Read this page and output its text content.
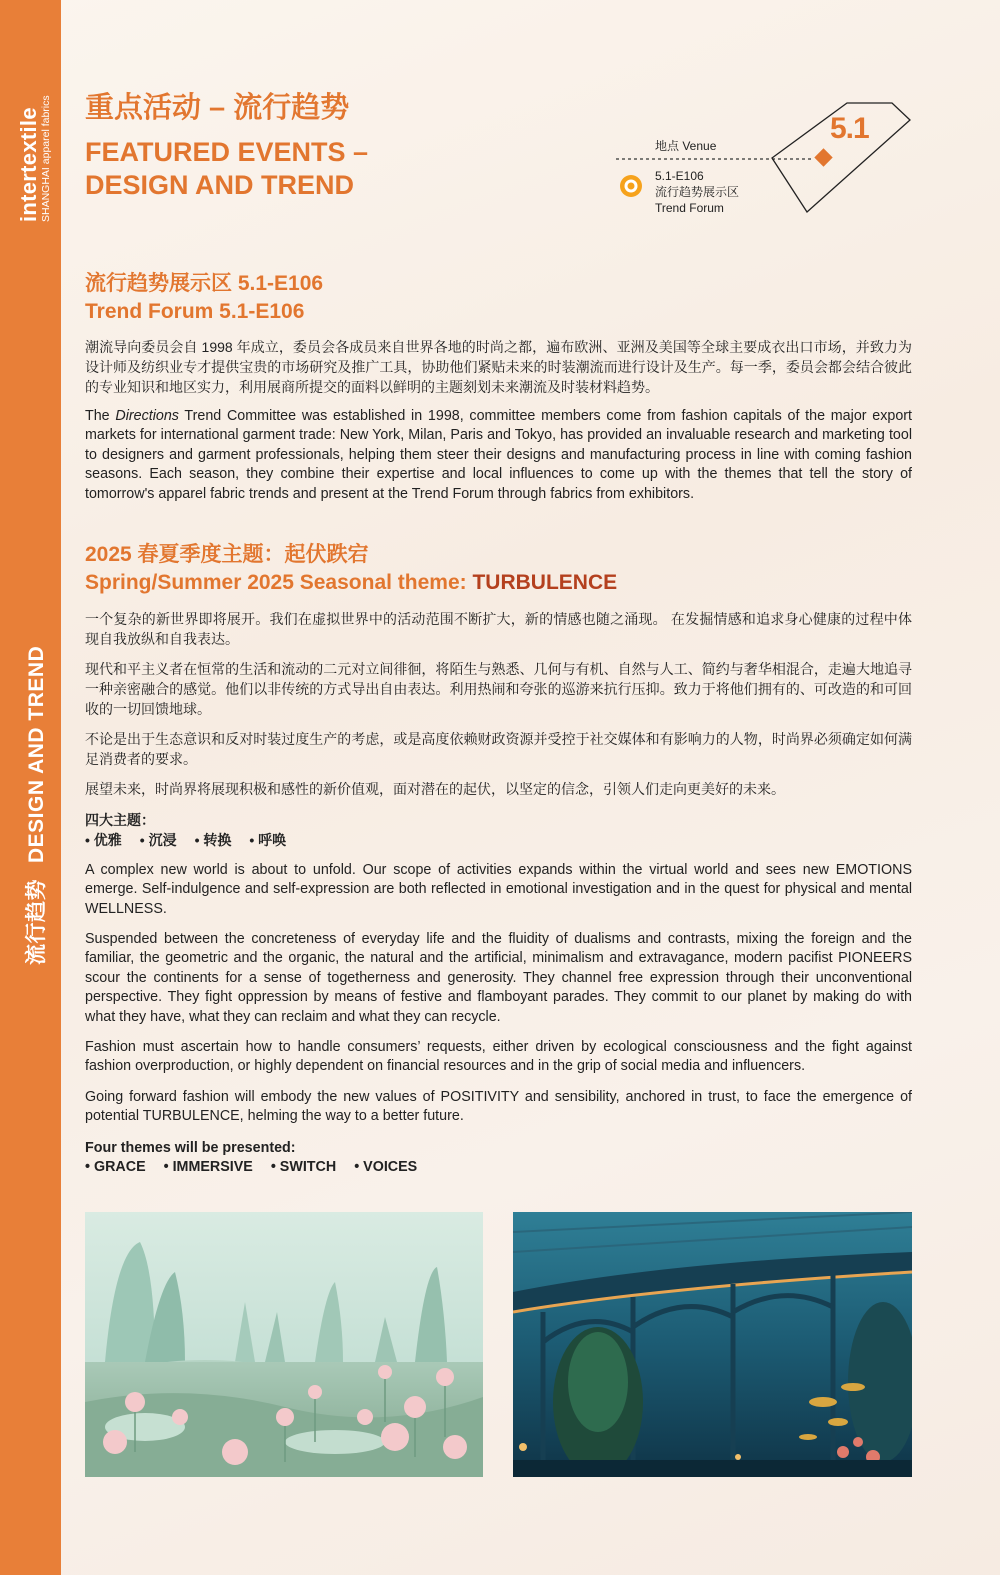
intertextile SHANGHAI apparel fabrics
流行趋势DESIGN AND TREND
重点活动 – 流行趋势
FEATURED EVENTS –
DESIGN AND TREND
地点 Venue
5.1-E106
流行趋势展示区
Trend Forum
5.1
流行趋势展示区 5.1-E106
Trend Forum 5.1-E106

潮流导向委员会自 1998 年成立，委员会各成员来自世界各地的时尚之都，遍布欧洲、亚洲及美国等全球主要成衣出口市场，并致力为设计师及纺织业专才提供宝贵的市场研究及推广工具，协助他们紧贴未来的时装潮流而进行设计及生产。每一季，委员会都会结合彼此的专业知识和地区实力，利用展商所提交的面料以鲜明的主题刻划未来潮流及时装材料趋势。

The Directions Trend Committee was established in 1998, committee members come from fashion capitals of the major export markets for international garment trade: New York, Milan, Paris and Tokyo, has provided an invaluable research and marketing tool to designers and garment professionals, helping them steer their designs and manufacturing process in line with coming fashion seasons. Each season, they combine their expertise and local influences to come up with the themes that tell the story of tomorrow's apparel fabric trends and present at the Trend Forum through fabrics from exhibitors.

2025 春夏季度主题：起伏跌宕
Spring/Summer 2025 Seasonal theme: TURBULENCE

一个复杂的新世界即将展开。我们在虚拟世界中的活动范围不断扩大，新的情感也随之涌现。 在发掘情感和追求身心健康的过程中体现自我放纵和自我表达。

现代和平主义者在恒常的生活和流动的二元对立间徘徊，将陌生与熟悉、几何与有机、自然与人工、简约与奢华相混合，走遍大地追寻一种亲密融合的感觉。他们以非传统的方式导出自由表达。利用热闹和夸张的巡游来抗行压抑。致力于将他们拥有的、可改造的和可回收的一切回馈地球。

不论是出于生态意识和反对时装过度生产的考虑，或是高度依赖财政资源并受控于社交媒体和有影响力的人物，时尚界必须确定如何满足消费者的要求。

展望未来，时尚界将展现积极和感性的新价值观，面对潜在的起伏，以坚定的信念，引领人们走向更美好的未来。

四大主题：
• 优雅 • 沉浸 • 转换 • 呼唤

A complex new world is about to unfold. Our scope of activities expands within the virtual world and sees new EMOTIONS emerge. Self-indulgence and self-expression are both reflected in emotional investigation and in the quest for physical and mental WELLNESS.

Suspended between the concreteness of everyday life and the fluidity of dualisms and contrasts, mixing the foreign and the familiar, the geometric and the organic, the natural and the artificial, minimalism and extravagance, modern pacifist PIONEERS scour the continents for a sense of togetherness and generosity. They channel free expression through their unconventional perspective. They fight oppression by means of festive and flamboyant parades. They commit to our planet by making do with what they have, what they can reclaim and what they can recycle.

Fashion must ascertain how to handle consumers’ requests, either driven by ecological consciousness and the fight against fashion overproduction, or highly dependent on financial resources and in the grip of social media and influencers.

Going forward fashion will embody the new values of POSITIVITY and sensibility, anchored in trust, to face the emergence of potential TURBULENCE, helming the way to a better future.

Four themes will be presented:
• GRACE • IMMERSIVE • SWITCH • VOICES
